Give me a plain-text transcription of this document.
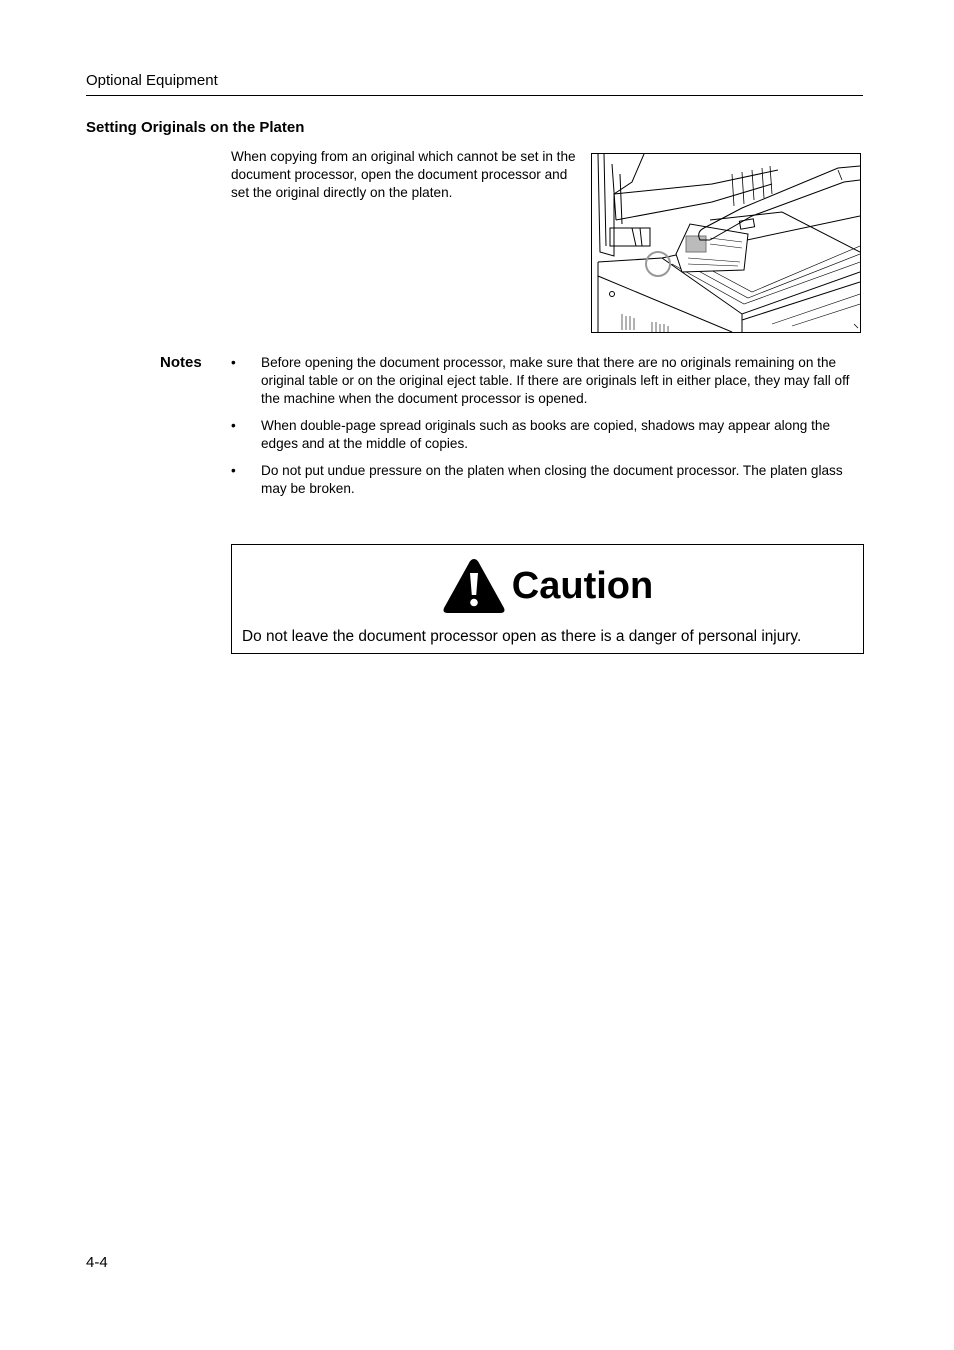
Optional Equipment
Setting Originals on the Platen
When copying from an original which cannot be set in the document processor, open the document processor and set the original directly on the platen.
Notes • Before opening the document processor, make sure that there are no originals remaining on the original table or on the original eject table. If there are originals left in either place, they may fall off the machine when the document processor is opened.
• When double-page spread originals such as books are copied, shadows may appear along the edges and at the middle of copies.
• Do not put undue pressure on the platen when closing the document processor. The platen glass may be broken.
Caution
Do not leave the document processor open as there is a danger of personal injury.
4-4
